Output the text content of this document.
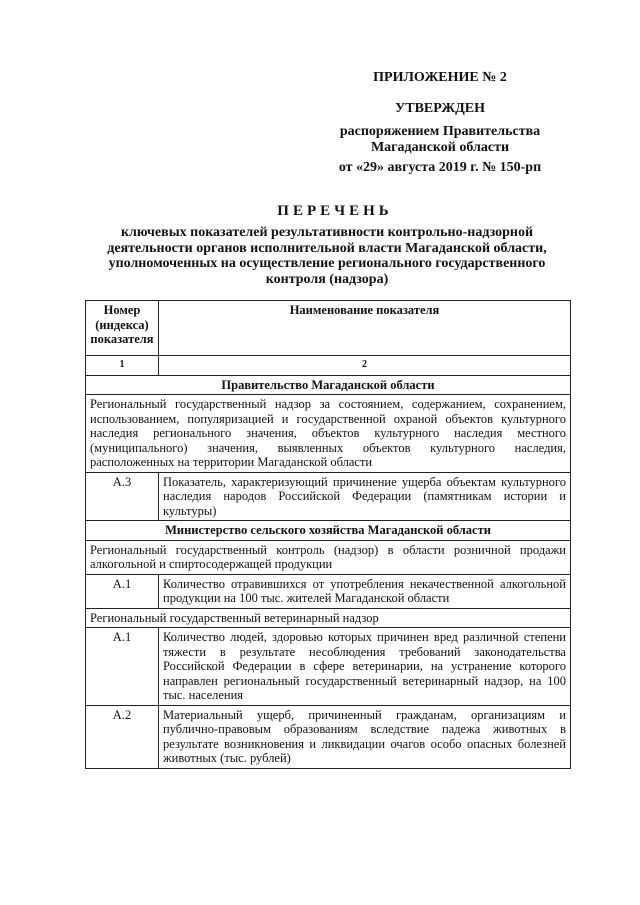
ПРИЛОЖЕНИЕ № 2
УТВЕРЖДЕН
распоряжением Правительства
Магаданской области
от «29» августа 2019 г. № 150-рп
ПЕРЕЧЕНЬ
ключевых показателей результативности контрольно-надзорной деятельности органов исполнительной власти Магаданской области, уполномоченных на осуществление регионального государственного контроля (надзора)
Номер (индекса) показателя	Наименование показателя
1	2
Правительство Магаданской области	
Региональный государственный надзор за состоянием, содержанием, сохранением, использованием, популяризацией и государственной охраной объектов культурного наследия регионального значения, объектов культурного наследия местного (муниципального) значения, выявленных объектов культурного наследия, расположенных на территории Магаданской области	
А.3	Показатель, характеризующий причинение ущерба объектам культурного наследия народов Российской Федерации (памятникам истории и культуры)
Министерство сельского хозяйства Магаданской области	
Региональный государственный контроль (надзор) в области розничной продажи алкогольной и спиртосодержащей продукции	
А.1	Количество отравившихся от употребления некачественной алкогольной продукции на 100 тыс. жителей Магаданской области
Региональный государственный ветеринарный надзор	
А.1	Количество людей, здоровью которых причинен вред различной степени тяжести в результате несоблюдения требований законодательства Российской Федерации в сфере ветеринарии, на устранение которого направлен региональный государственный ветеринарный надзор, на 100 тыс. населения
А.2	Материальный ущерб, причиненный гражданам, организациям и публично-правовым образованиям вследствие падежа животных в результате возникновения и ликвидации очагов особо опасных болезней животных (тыс. рублей)
